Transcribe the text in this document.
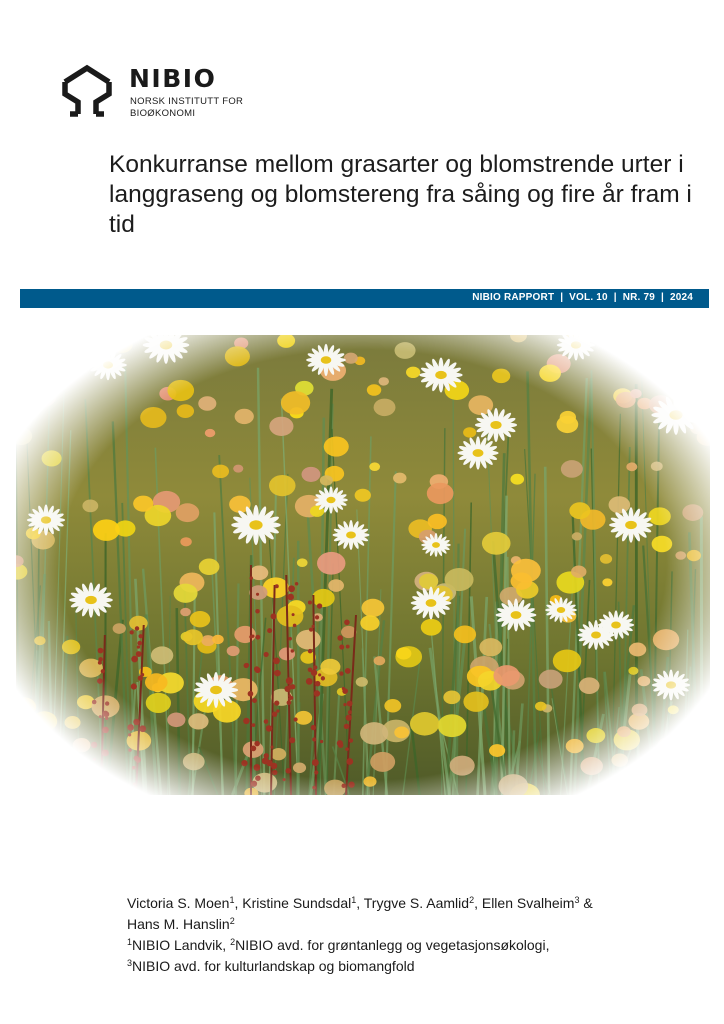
NIBIO
NORSK INSTITUTT FOR
BIOØKONOMI
Konkurranse mellom grasarter og blomstrende urter i langgraseng og blomstereng fra såing og fire år fram i tid
NIBIO RAPPORT  |  VOL. 10  |  NR. 79  |  2024
Victoria S. Moen$^1$, Kristine Sundsdal$^1$, Trygve S. Aamlid$^2$, Ellen Svalheim$^3$ &
Hans M. Hanslin$^2$
$^1$NIBIO Landvik, $^2$NIBIO avd. for grøntanlegg og vegetasjonsøkologi,
$^3$NIBIO avd. for kulturlandskap og biomangfold
